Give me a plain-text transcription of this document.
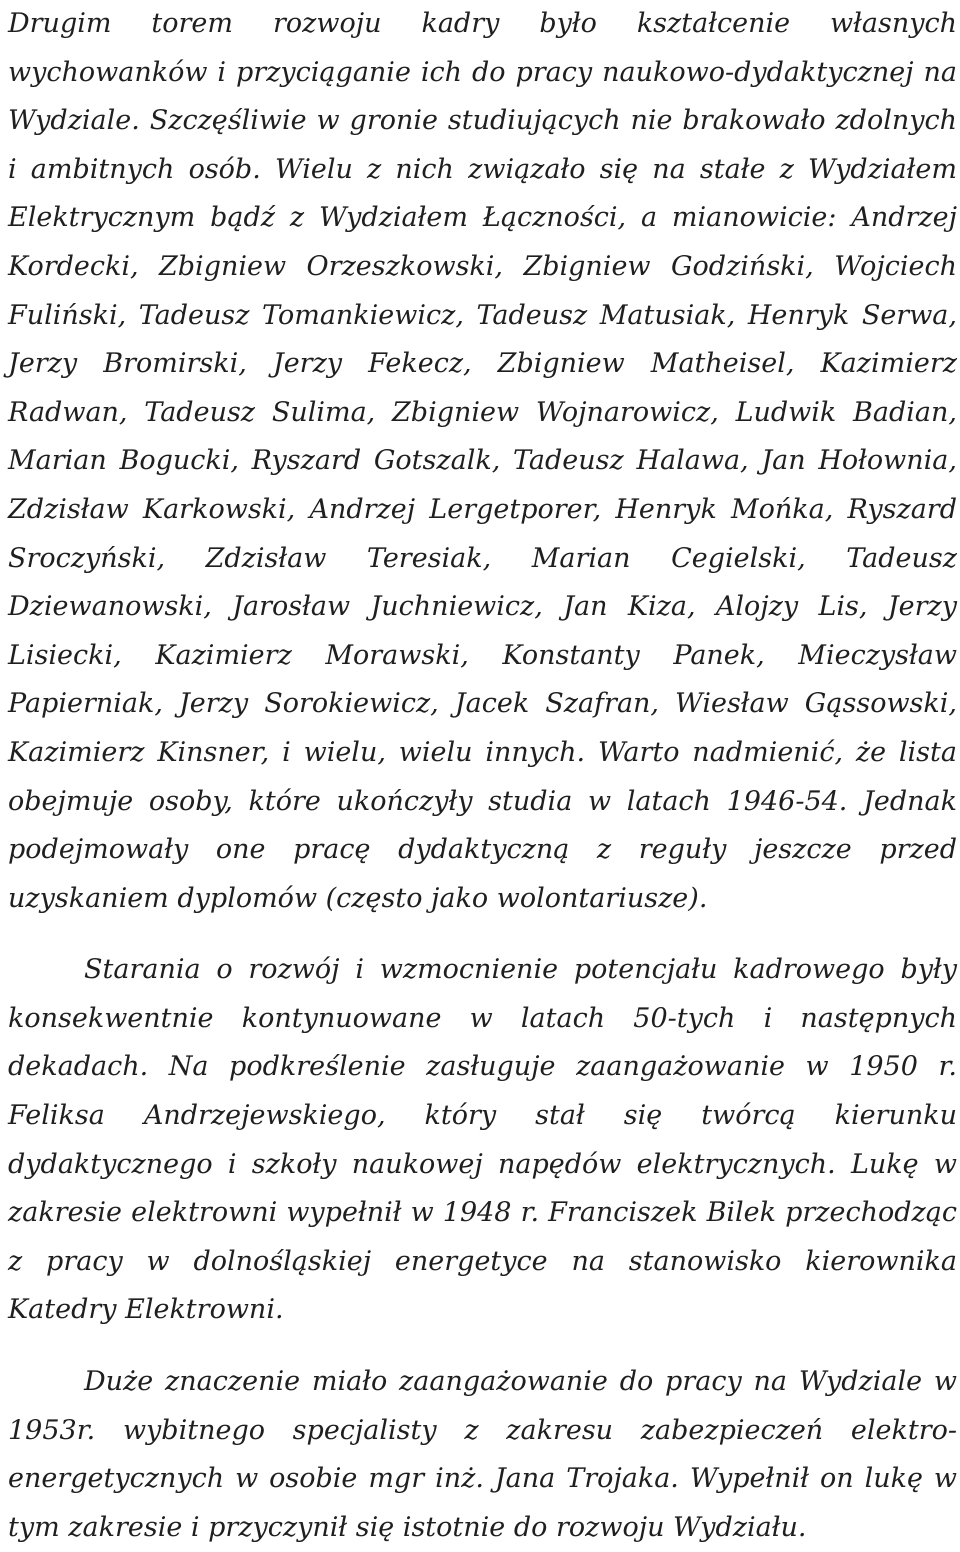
Drugim torem rozwoju kadry było kształcenie własnych wychowanków i przyciąganie ich do pracy naukowo-dydaktycznej na Wydziale. Szczęśliwie w gronie studiujących nie brakowało zdolnych i ambitnych osób. Wielu z nich związało się na stałe z Wydziałem Elektrycznym bądź z Wydziałem Łączności, a mianowicie: Andrzej Kordecki, Zbigniew Orzeszkowski, Zbigniew Godziński, Wojciech Fuliński, Tadeusz Tomankiewicz, Tadeusz Matusiak, Henryk Serwa, Jerzy Bromirski, Jerzy Fekecz, Zbigniew Matheisel, Kazimierz Radwan, Tadeusz Sulima, Zbigniew Wojnarowicz, Ludwik Badian, Marian Bogucki, Ryszard Gotszalk, Tadeusz Halawa, Jan Hołownia, Zdzisław Karkowski, Andrzej Lergetporer, Henryk Mońka, Ryszard Sroczyński, Zdzisław Teresiak, Marian Cegielski, Tadeusz Dziewanowski, Jarosław Juchniewicz, Jan Kiza, Alojzy Lis, Jerzy Lisiecki, Kazimierz Morawski, Konstanty Panek, Mieczysław Papierniak, Jerzy Sorokiewicz, Jacek Szafran, Wiesław Gąssowski, Kazimierz Kinsner, i wielu, wielu innych. Warto nadmienić, że lista obejmuje osoby, które ukończyły studia w latach 1946-54. Jednak podejmowały one pracę dydaktyczną z reguły jeszcze przed uzyskaniem dyplomów (często jako wolontariusze).

Starania o rozwój i wzmocnienie potencjału kadrowego były konsekwentnie kontynuowane w latach 50-tych i następnych dekadach. Na podkreślenie zasługuje zaangażowanie w 1950 r. Feliksa Andrzejewskiego, który stał się twórcą kierunku dydaktycznego i szkoły naukowej napędów elektrycznych. Lukę w zakresie elektrowni wypełnił w 1948 r. Franciszek Bilek przechodząc z pracy w dolnośląskiej energetyce na stanowisko kierownika Katedry Elektrowni.

Duże znaczenie miało zaangażowanie do pracy na Wydziale w 1953r. wybitnego specjalisty z zakresu zabezpieczeń elektro-energetycznych w osobie mgr inż. Jana Trojaka. Wypełnił on lukę w tym zakresie i przyczynił się istotnie do rozwoju Wydziału.
